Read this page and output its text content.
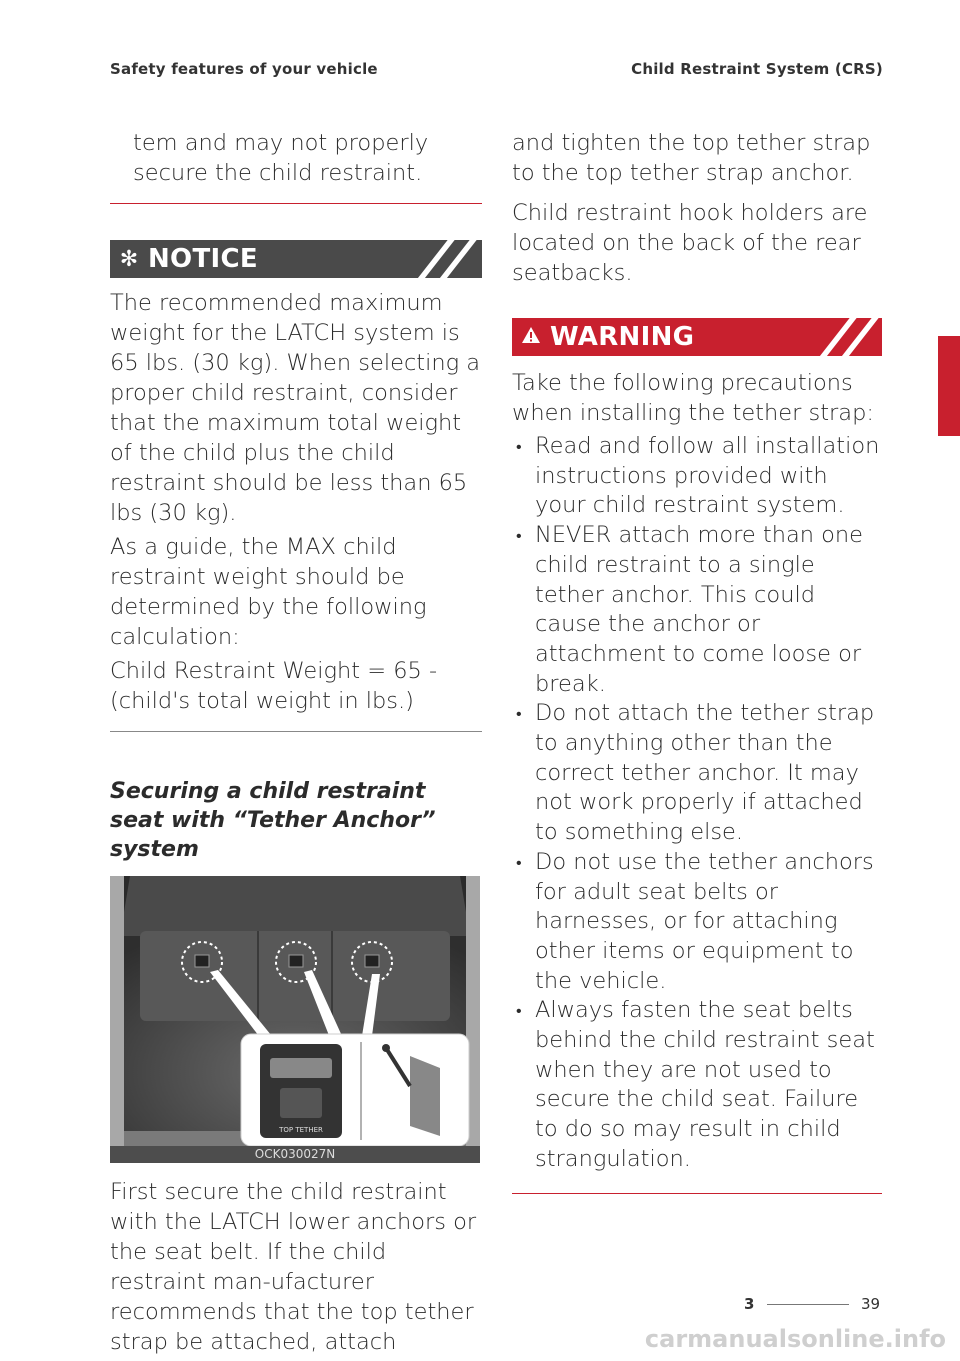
Safety features of your vehicle	Child Restraint System (CRS)

tem and may not properly secure the child restraint.

✻ NOTICE

The recommended maximum weight for the LATCH system is 65 lbs. (30 kg). When selecting a proper child restraint, consider that the maximum total weight of the child plus the child restraint should be less than 65 lbs (30 kg).

As a guide, the MAX child restraint weight should be determined by the following calculation:

Child Restraint Weight = 65 - (child's total weight in lbs.)

Securing a child restraint seat with “Tether Anchor” system
TOP TETHER
OCK030027N

First secure the child restraint with the LATCH lower anchors or the seat belt. If the child restraint man-ufacturer recommends that the top tether strap be attached, attach

and tighten the top tether strap to the top tether strap anchor.

Child restraint hook holders are located on the back of the rear seatbacks.

WARNING

Take the following precautions when installing the tether strap:

• Read and follow all installation instructions provided with your child restraint system.
• NEVER attach more than one child restraint to a single tether anchor. This could cause the anchor or attachment to come loose or break.
• Do not attach the tether strap to anything other than the correct tether anchor. It may not work properly if attached to something else.
• Do not use the tether anchors for adult seat belts or harnesses, or for attaching other items or equipment to the vehicle.
• Always fasten the seat belts behind the child restraint seat when they are not used to secure the child seat. Failure to do so may result in child strangulation.
3
3	39
carmanualsonline.info
